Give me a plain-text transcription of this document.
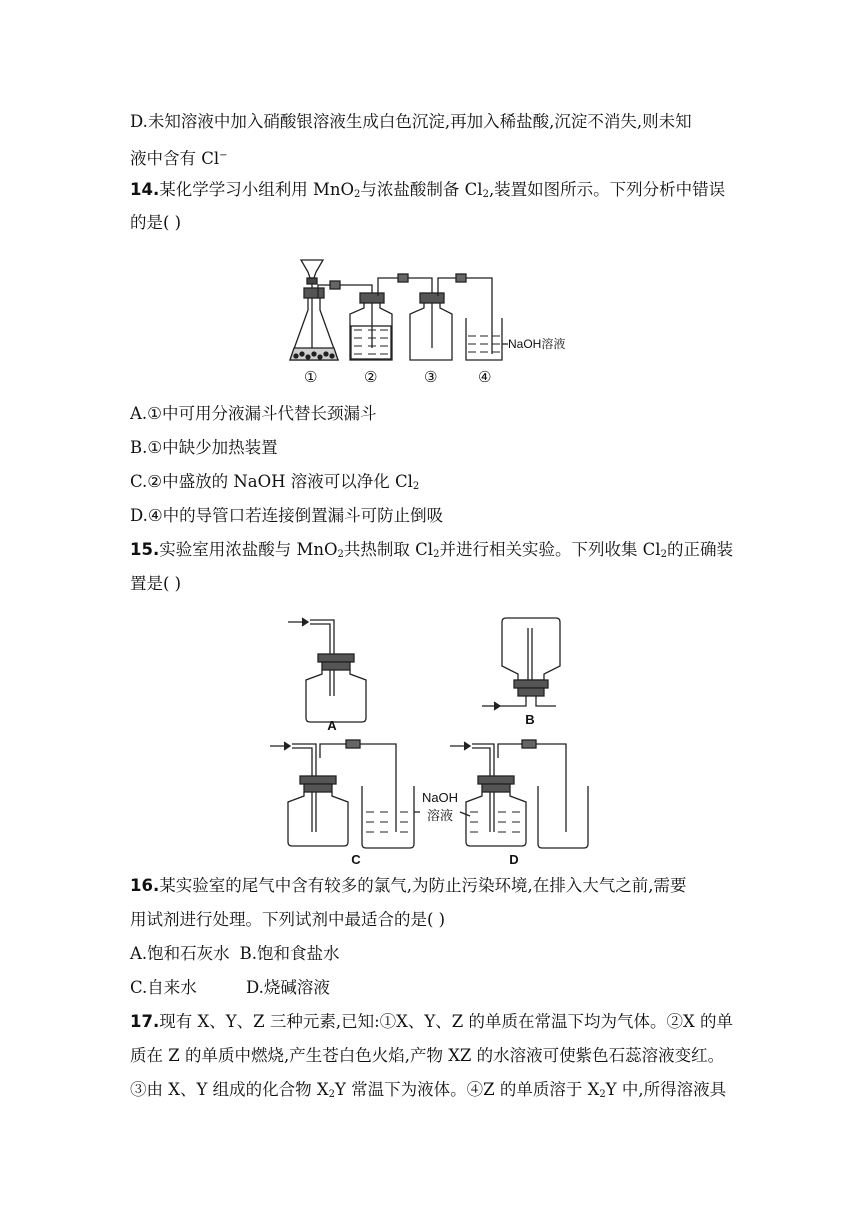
D.未知溶液中加入硝酸银溶液生成白色沉淀,再加入稀盐酸,沉淀不消失,则未知
液中含有 Cl−
14.某化学学习小组利用 MnO$_2$与浓盐酸制备 $Cl_2$,装置如图所示。下列分析中错误
的是( )
NaOH溶液
①	②	③	④
A.①中可用分液漏斗代替长颈漏斗
B.①中缺少加热装置
C.②中盛放的 NaOH 溶液可以净化 $Cl_2$
D.④中的导管口若连接倒置漏斗可防止倒吸
15.实验室用浓盐酸与 MnO$_2$共热制取 $Cl_2$并进行相关实验。下列收集 $Cl_2$的正确装
置是( )
A	B
C	D
NaOH
溶液
16.某实验室的尾气中含有较多的氯气,为防止污染环境,在排入大气之前,需要
用试剂进行处理。下列试剂中最适合的是( )
A.饱和石灰水 B.饱和食盐水
C.自来水	D.烧碱溶液
17.现有 X、Y、Z 三种元素,已知:①X、Y、Z 的单质在常温下均为气体。②X 的单
质在 Z 的单质中燃烧,产生苍白色火焰,产物 XZ 的水溶液可使紫色石蕊溶液变红。
③由 X、Y 组成的化合物 $X_2Y$ 常温下为液体。④Z 的单质溶于 $X_2Y$ 中,所得溶液具
